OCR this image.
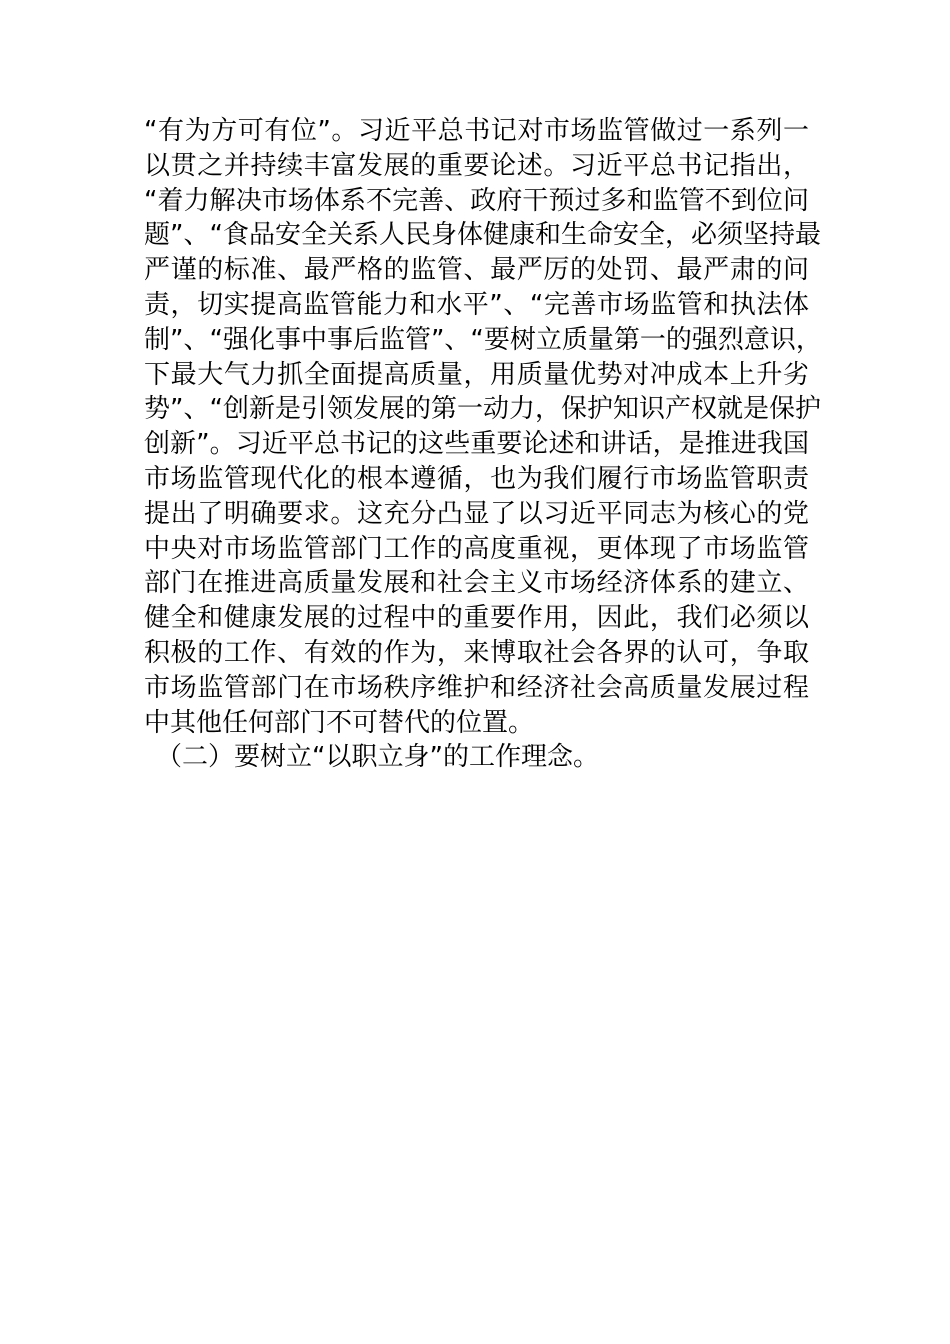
“有为方可有位”。习近平总书记对市场监管做过一系列一
以贯之并持续丰富发展的重要论述。习近平总书记指出，
“着力解决市场体系不完善、政府干预过多和监管不到位问
题”、“食品安全关系人民身体健康和生命安全，必须坚持最
严谨的标准、最严格的监管、最严厉的处罚、最严肃的问
责，切实提高监管能力和水平”、“完善市场监管和执法体
制”、“强化事中事后监管”、“要树立质量第一的强烈意识，
下最大气力抓全面提高质量，用质量优势对冲成本上升劣
势”、“创新是引领发展的第一动力，保护知识产权就是保护
创新”。习近平总书记的这些重要论述和讲话，是推进我国
市场监管现代化的根本遵循，也为我们履行市场监管职责
提出了明确要求。这充分凸显了以习近平同志为核心的党
中央对市场监管部门工作的高度重视，更体现了市场监管
部门在推进高质量发展和社会主义市场经济体系的建立、
健全和健康发展的过程中的重要作用，因此，我们必须以
积极的工作、有效的作为，来博取社会各界的认可，争取
市场监管部门在市场秩序维护和经济社会高质量发展过程
中其他任何部门不可替代的位置。
（二）要树立“以职立身”的工作理念。
